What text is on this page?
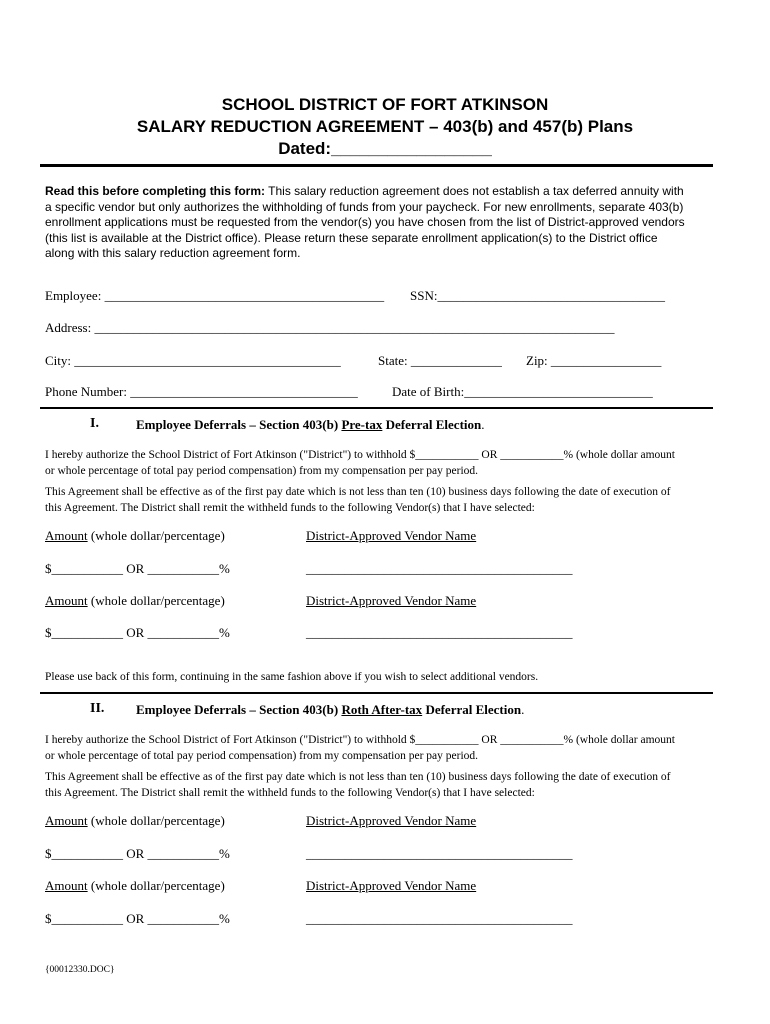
SCHOOL DISTRICT OF FORT ATKINSON
SALARY REDUCTION AGREEMENT – 403(b) and 457(b) Plans
Dated:_________________
Read this before completing this form: This salary reduction agreement does not establish a tax deferred annuity with a specific vendor but only authorizes the withholding of funds from your paycheck. For new enrollments, separate 403(b) enrollment applications must be requested from the vendor(s) you have chosen from the list of District-approved vendors (this list is available at the District office). Please return these separate enrollment application(s) to the District office along with this salary reduction agreement form.
Employee: ___________________________________________ SSN:___________________________________
Address: ________________________________________________________________________________
City: _________________________________________	State: ______________ Zip: _________________
Phone Number: ___________________________________	Date of Birth:_____________________________
I.	Employee Deferrals – Section 403(b) Pre-tax Deferral Election.
I hereby authorize the School District of Fort Atkinson ("District") to withhold $___________ OR ___________% (whole dollar amount or whole percentage of total pay period compensation) from my compensation per pay period.
This Agreement shall be effective as of the first pay date which is not less than ten (10) business days following the date of execution of this Agreement. The District shall remit the withheld funds to the following Vendor(s) that I have selected:
Amount (whole dollar/percentage)	District-Approved Vendor Name
$___________ OR ___________%	_________________________________________
Amount (whole dollar/percentage)	District-Approved Vendor Name
$___________ OR ___________%	_________________________________________
Please use back of this form, continuing in the same fashion above if you wish to select additional vendors.
II. Employee Deferrals – Section 403(b) Roth After-tax Deferral Election.
I hereby authorize the School District of Fort Atkinson ("District") to withhold $___________ OR ___________% (whole dollar amount or whole percentage of total pay period compensation) from my compensation per pay period.
This Agreement shall be effective as of the first pay date which is not less than ten (10) business days following the date of execution of this Agreement. The District shall remit the withheld funds to the following Vendor(s) that I have selected:
Amount (whole dollar/percentage)	District-Approved Vendor Name
$___________ OR ___________%	_________________________________________
Amount (whole dollar/percentage)	District-Approved Vendor Name
$___________ OR ___________%	_________________________________________
{00012330.DOC}
